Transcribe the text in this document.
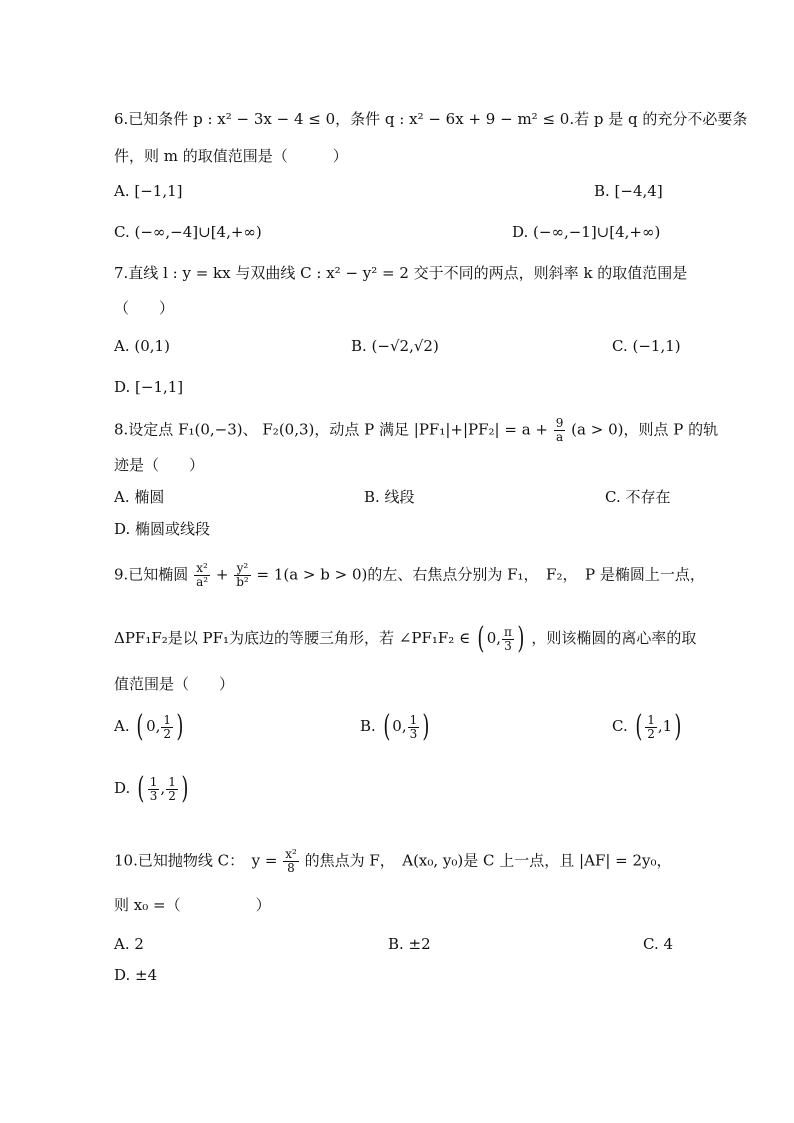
6.已知条件 p : x² − 3x − 4 ≤ 0，条件 q : x² − 6x + 9 − m² ≤ 0.若 p 是 q 的充分不必要条
件，则 m 的取值范围是（　　　）
A. [−1,1]	B. [−4,4]
C. (−∞,−4]∪[4,+∞)	D. (−∞,−1]∪[4,+∞)
7.直线 l : y = kx 与双曲线 C : x² − y² = 2 交于不同的两点，则斜率 k 的取值范围是
（　　）
A. (0,1)	B. (−√2,√2)	C. (−1,1)
D. [−1,1]
8.设定点 F₁(0,−3)、 F₂(0,3)，动点 P 满足 $|PF_1|+|PF_2| = a + \frac{9}{a} (a > 0)$，则点 P 的轨
迹是（　　）
A. 椭圆	B. 线段	C. 不存在
D. 椭圆或线段
9.已知椭圆 $\frac{\text{x²}}{\text{a²}} + \frac{\text{y²}}{\text{b²}} = 1(a > b > 0)$的左、右焦点分别为 F₁，　F₂，　P 是椭圆上一点，
ΔPF₁F₂是以 PF₁为底边的等腰三角形，若 ∠PF₁F₂ ∈ ( 0, $\frac{\pi}{3}$ ) ，则该椭圆的离心率的取
值范围是（　　）
A. ( 0, $\frac{1}{2}$ )	B. ( 0, $\frac{1}{3}$ )	C. ( $\frac{1}{2} ,1$)
D. ( $\frac{1}{3}$ , $\frac{1}{2}$ )
10.已知抛物线 C：　$y = \frac{\text{x²}}{8}$ 的焦点为 F，　A(x₀, y₀)是 C 上一点，且 |AF| = 2y₀，
则 x₀ =（　　　　　）
A. 2	B. ±2	C. 4
D. ±4
